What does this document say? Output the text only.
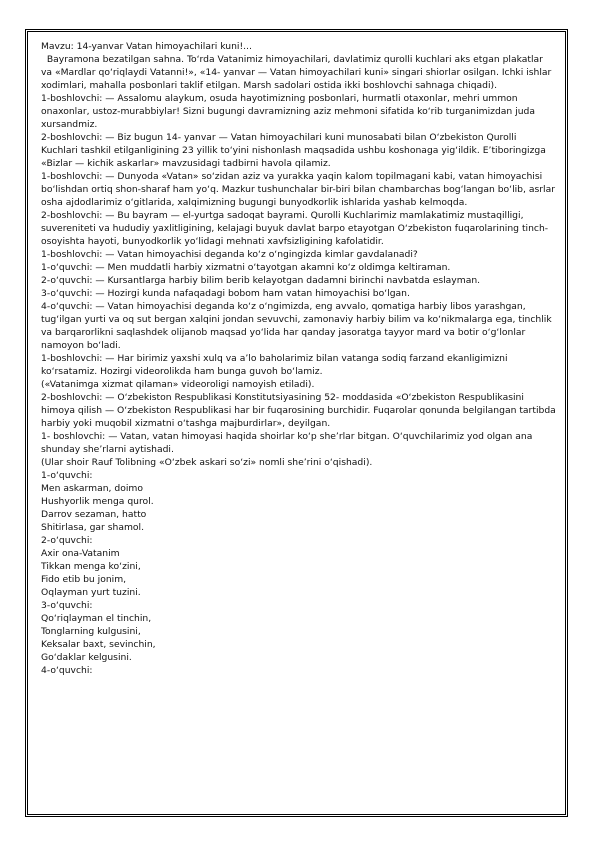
Mavzu: 14-yanvar Vatan himoyachilari kuni!...

Bayramona bezatilgan sahna. To‘rda Vatanimiz himoyachilari, davlatimiz qurolli kuchlari aks etgan plakatlar va «Mardlar qo‘riqlaydi Vatanni!», «14- yanvar — Vatan himoyachilari kuni» singari shiorlar osilgan. Ichki ishlar xodimlari, mahalla posbonlari taklif etilgan. Marsh sadolari ostida ikki boshlovchi sahnaga chiqadi).

1-boshlovchi: — Assalomu alaykum, osuda hayotimizning posbonlari, hurmatli otaxonlar, mehri ummon onaxonlar, ustoz-murabbiylar! Sizni bugungi davramizning aziz mehmoni sifatida ko‘rib turganimizdan juda xursandmiz.

2-boshlovchi: — Biz bugun 14- yanvar — Vatan himoyachilari kuni munosabati bilan O‘zbekiston Qurolli Kuchlari tashkil etilganligining 23 yillik to‘yini nishonlash maqsadida ushbu koshonaga yig‘ildik. E’tiboringizga «Bizlar — kichik askarlar» mavzusidagi tadbirni havola qilamiz.

1-boshlovchi: — Dunyoda «Vatan» so‘zidan aziz va yurakka yaqin kalom topilmagani kabi, vatan himoyachisi bo‘lishdan ortiq shon-sharaf ham yo‘q. Mazkur tushunchalar bir-biri bilan chambarchas bog‘langan bo‘lib, asrlar osha ajdodlarimiz o‘gitlarida, xalqimizning bugungi bunyodkorlik ishlarida yashab kelmoqda.

2-boshlovchi: — Bu bayram — el-yurtga sadoqat bayrami. Qurolli Kuchlarimiz mamlakatimiz mustaqilligi, suvereniteti va hududiy yaxlitligining, kelajagi buyuk davlat barpo etayotgan O‘zbekiston fuqarolarining tinch-osoyishta hayoti, bunyodkorlik yo‘lidagi mehnati xavfsizligining kafolatidir.

1-boshlovchi: — Vatan himoyachisi deganda ko‘z o‘ngingizda kimlar gavdalanadi?

1-o‘quvchi: — Men muddatli harbiy xizmatni o‘tayotgan akamni ko‘z oldimga keltiraman.

2-o‘quvchi: — Kursantlarga harbiy bilim berib kelayotgan dadamni birinchi navbatda eslayman.

3-o‘quvchi: — Hozirgi kunda nafaqadagi bobom ham vatan himoyachisi bo‘lgan.

4-o‘quvchi: — Vatan himoyachisi deganda ko‘z o‘ngimizda, eng avvalo, qomatiga harbiy libos yarashgan, tug‘ilgan yurti va oq sut bergan xalqini jondan sevuvchi, zamonaviy harbiy bilim va ko‘nikmalarga ega, tinchlik va barqarorlikni saqlashdek olijanob maqsad yo‘lida har qanday jasoratga tayyor mard va botir o‘g‘lonlar namoyon bo‘ladi.

1-boshlovchi: — Har birimiz yaxshi xulq va a’lo baholarimiz bilan vatanga sodiq farzand ekanligimizni ko‘rsatamiz. Hozirgi videorolikda ham bunga guvoh bo‘lamiz.

(«Vatanimga xizmat qilaman» videoroligi namoyish etiladi).

2-boshlovchi: — O‘zbekiston Respublikasi Konstitutsiyasining 52- moddasida «O‘zbekiston Respublikasini himoya qilish — O‘zbekiston Respublikasi har bir fuqarosining burchidir. Fuqarolar qonunda belgilangan tartibda harbiy yoki muqobil xizmatni o‘tashga majburdirlar», deyilgan.

1- boshlovchi: — Vatan, vatan himoyasi haqida shoirlar ko‘p she’rlar bitgan. O‘quvchilarimiz yod olgan ana shunday she’rlarni aytishadi.

(Ular shoir Rauf Tolibning «O‘zbek askari so‘zi» nomli she’rini o‘qishadi).

1-o‘quvchi:

Men askarman, doimo

Hushyorlik menga qurol.

Darrov sezaman, hatto

Shitirlasa, gar shamol.

2-o‘quvchi:

Axir ona-Vatanim

Tikkan menga ko‘zini,

Fido etib bu jonim,

Oqlayman yurt tuzini.

3-o‘quvchi:

Qo‘riqlayman el tinchin,

Tonglarning kulgusini,

Keksalar baxt, sevinchin,

Go‘daklar kelgusini.

4-o‘quvchi:
